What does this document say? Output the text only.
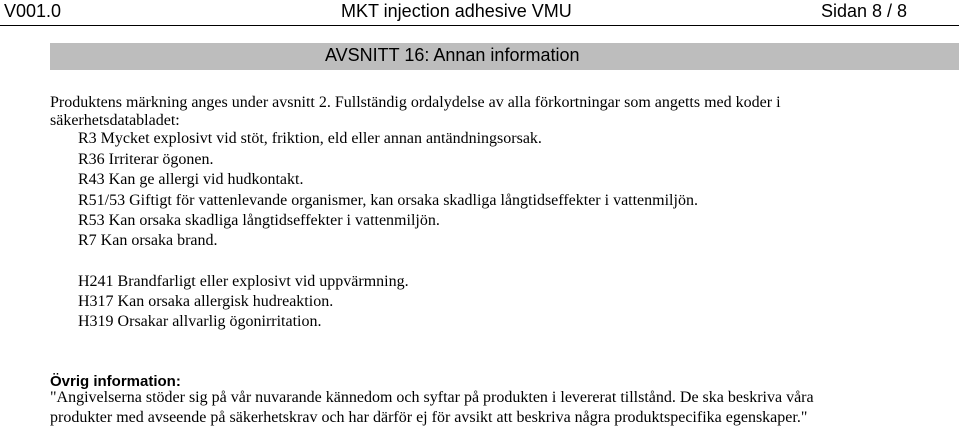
V001.0	MKT injection adhesive VMU	Sidan 8 / 8
AVSNITT 16: Annan information
Produktens märkning anges under avsnitt 2. Fullständig ordalydelse av alla förkortningar som angetts med koder i
säkerhetsdatabladet:
R3 Mycket explosivt vid stöt, friktion, eld eller annan antändningsorsak.
R36 Irriterar ögonen.
R43 Kan ge allergi vid hudkontakt.
R51/53 Giftigt för vattenlevande organismer, kan orsaka skadliga långtidseffekter i vattenmiljön.
R53 Kan orsaka skadliga långtidseffekter i vattenmiljön.
R7 Kan orsaka brand.
H241 Brandfarligt eller explosivt vid uppvärmning.
H317 Kan orsaka allergisk hudreaktion.
H319 Orsakar allvarlig ögonirritation.
Övrig information:
"Angivelserna stöder sig på vår nuvarande kännedom och syftar på produkten i levererat tillstånd. De ska beskriva våra
produkter med avseende på säkerhetskrav och har därför ej för avsikt att beskriva några produktspecifika egenskaper."
